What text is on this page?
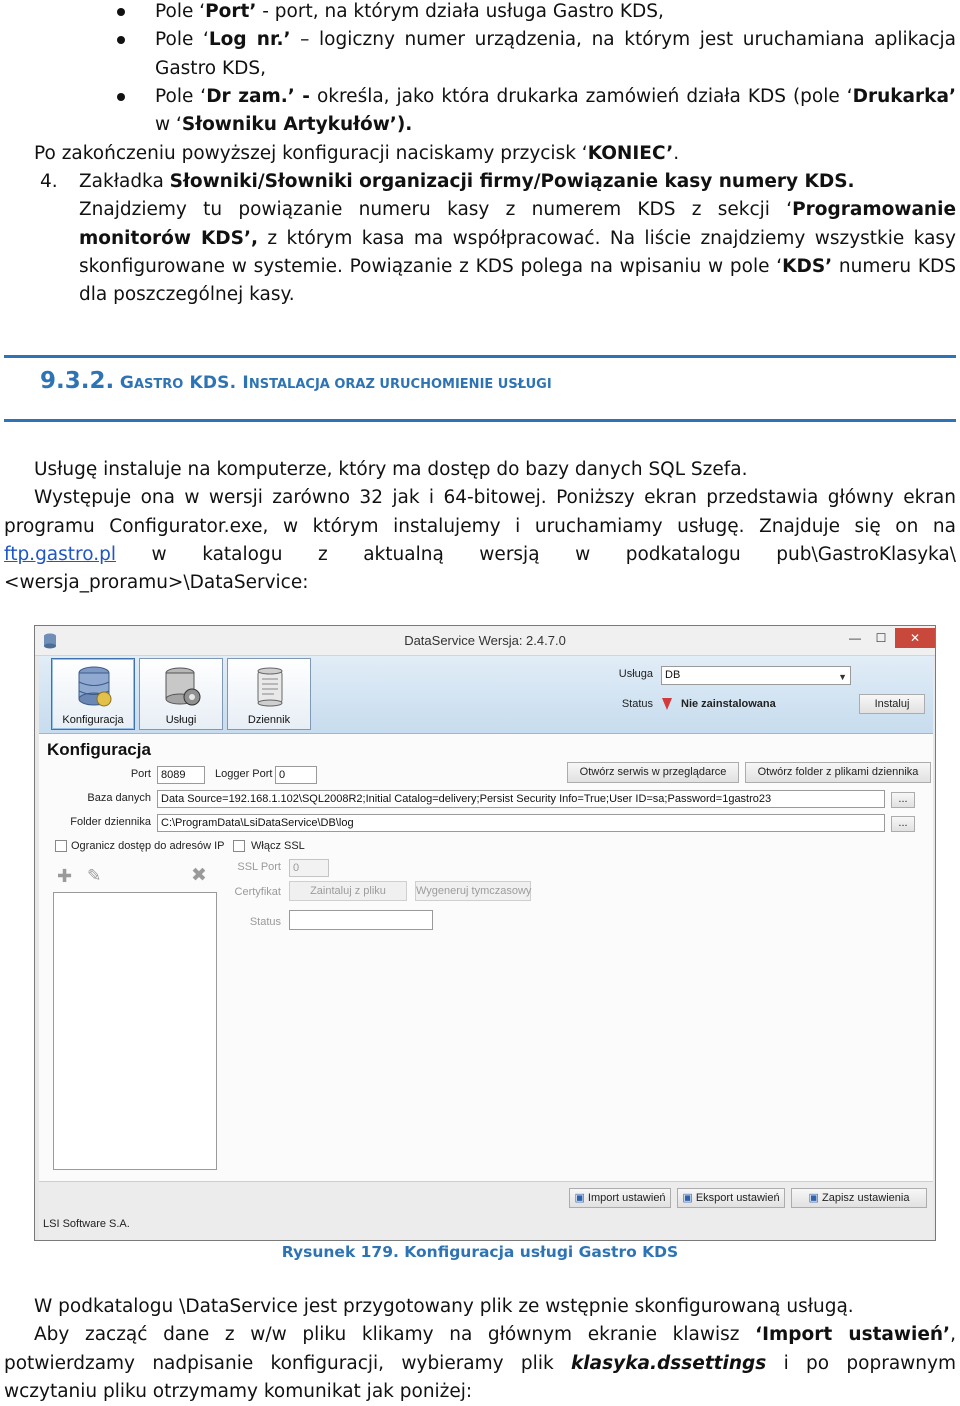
Pole ‘Port’ - port, na którym działa usługa Gastro KDS,
Pole ‘Log nr.’ – logiczny numer urządzenia, na którym jest uruchamiana aplikacja Gastro KDS,
Pole ‘Dr zam.’ - określa, jako która drukarka zamówień działa KDS (pole ‘Drukarka’ w ‘Słowniku Artykułów’).
Po zakończeniu powyższej konfiguracji naciskamy przycisk ‘KONIEC’.
4. Zakładka Słowniki/Słowniki organizacji firmy/Powiązanie kasy numery KDS.
Znajdziemy tu powiązanie numeru kasy z numerem KDS z sekcji ‘Programowanie monitorów KDS’, z którym kasa ma współpracować. Na liście znajdziemy wszystkie kasy skonfigurowane w systemie. Powiązanie z KDS polega na wpisaniu w pole ‘KDS’ numeru KDS dla poszczególnej kasy.
9.3.2. GASTRO KDS. INSTALACJA ORAZ URUCHOMIENIE USŁUGI
Usługę instaluje na komputerze, który ma dostęp do bazy danych SQL Szefa.
Występuje ona w wersji zarówno 32 jak i 64-bitowej. Poniższy ekran przedstawia główny ekran programu Configurator.exe, w którym instalujemy i uruchamiamy usługę. Znajduje się on na ftp.gastro.pl w katalogu z aktualną wersją w podkatalogu pub\GastroKlasyka\<wersja_proramu>\DataService:
DataService Wersja: 2.4.7.0	—	☐	✕
Konfiguracja	Usługi	Dziennik
Usługa	DB	▼
Status	Nie zainstalowana	Instaluj
Konfiguracja
Port 8089	Logger Port 0	Otwórz serwis w przeglądarce	Otwórz folder z plikami dziennika
Baza danych Data Source=192.168.1.102\SQL2008R2;Initial Catalog=delivery;Persist Security Info=True;User ID=sa;Password=1gastro23	...
Folder dziennika C:\ProgramData\LsiDataService\DB\log	...
Ogranicz dostęp do adresów IP
✚ ✎	✖
Włącz SSL
SSL Port	0
Certyfikat	Zaintaluj z pliku	Wygeneruj tymczasowy
Status
▣ Import ustawień	▣ Eksport ustawień	▣ Zapisz ustawienia
LSI Software S.A.
Rysunek 179. Konfiguracja usługi Gastro KDS
W podkatalogu \DataService jest przygotowany plik ze wstępnie skonfigurowaną usługą.
Aby zacząć dane z w/w pliku klikamy na głównym ekranie klawisz ‘Import ustawień’, potwierdzamy nadpisanie konfiguracji, wybieramy plik klasyka.dssettings i po poprawnym wczytaniu pliku otrzymamy komunikat jak poniżej:
